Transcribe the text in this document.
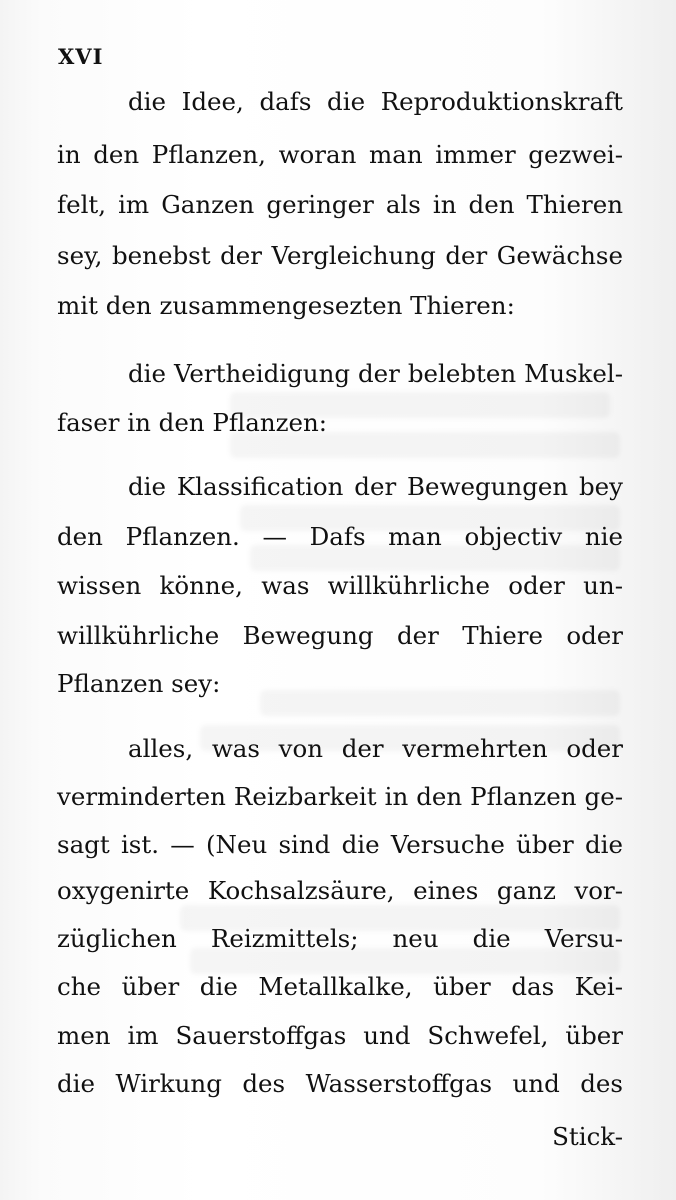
XVI
die Idee, dafs die Reproduktionskraft
in den Pflanzen, woran man immer gezwei-
felt, im Ganzen geringer als in den Thieren
sey, benebst der Vergleichung der Gewächse
mit den zusammengesezten Thieren:
die Vertheidigung der belebten Muskel-
faser in den Pflanzen:
die Klassification der Bewegungen bey
den Pflanzen. — Dafs man objectiv nie
wissen könne, was willkührliche oder un-
willkührliche Bewegung der Thiere oder
Pflanzen sey:
alles, was von der vermehrten oder
verminderten Reizbarkeit in den Pflanzen ge-
sagt ist. — (Neu sind die Versuche über die
oxygenirte Kochsalzsäure, eines ganz vor-
züglichen Reizmittels; neu die Versu-
che über die Metallkalke, über das Kei-
men im Sauerstoffgas und Schwefel, über
die Wirkung des Wasserstoffgas und des
Stick-
